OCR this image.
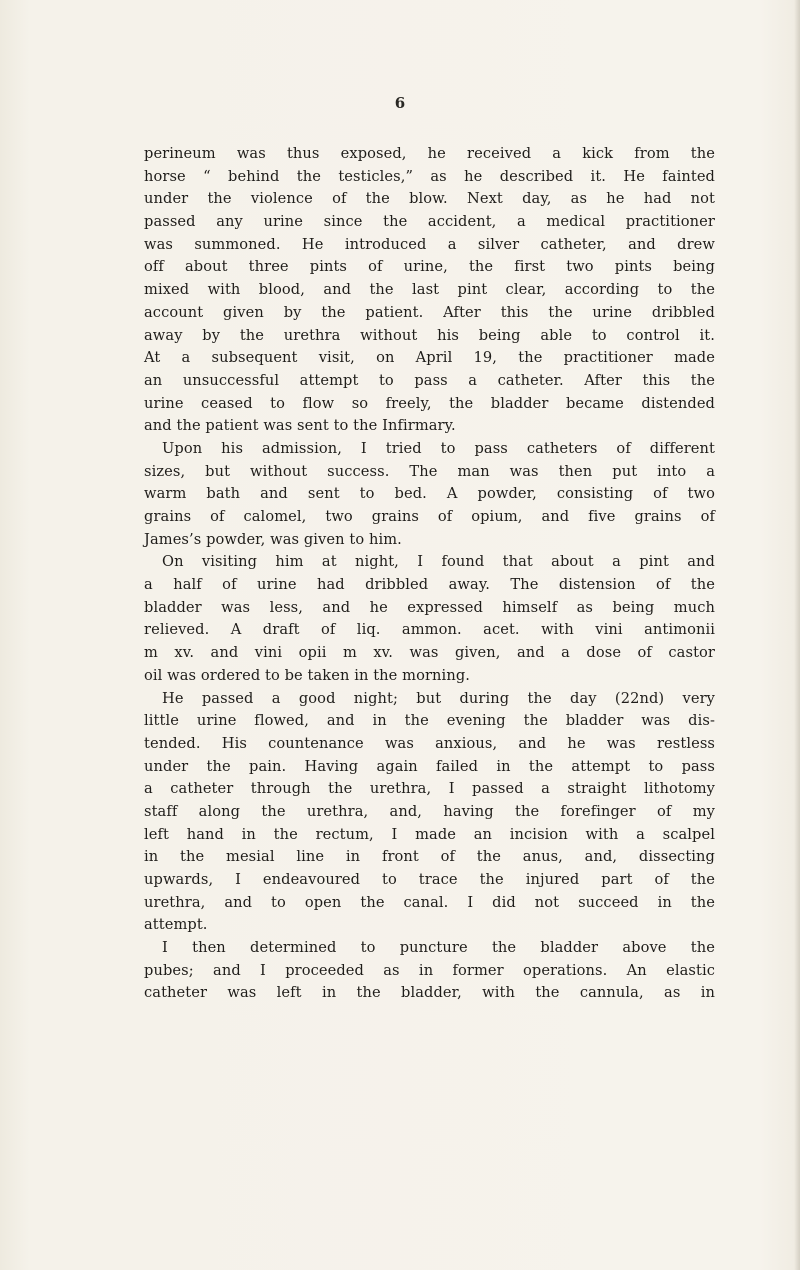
6
perineum was thus exposed, he received a kick from the
horse “ behind the testicles,” as he described it. He fainted
under the violence of the blow. Next day, as he had not
passed any urine since the accident, a medical practitioner
was summoned. He introduced a silver catheter, and drew
off about three pints of urine, the first two pints being
mixed with blood, and the last pint clear, according to the
account given by the patient. After this the urine dribbled
away by the urethra without his being able to control it.
At a subsequent visit, on April 19, the practitioner made
an unsuccessful attempt to pass a catheter. After this the
urine ceased to flow so freely, the bladder became distended
and the patient was sent to the Infirmary.
Upon his admission, I tried to pass catheters of different
sizes, but without success. The man was then put into a
warm bath and sent to bed. A powder, consisting of two
grains of calomel, two grains of opium, and five grains of
James’s powder, was given to him.
On visiting him at night, I found that about a pint and
a half of urine had dribbled away. The distension of the
bladder was less, and he expressed himself as being much
relieved. A draft of liq. ammon. acet. with vini antimonii
m xv. and vini opii m xv. was given, and a dose of castor
oil was ordered to be taken in the morning.
He passed a good night; but during the day (22nd) very
little urine flowed, and in the evening the bladder was dis-
tended. His countenance was anxious, and he was restless
under the pain. Having again failed in the attempt to pass
a catheter through the urethra, I passed a straight lithotomy
staff along the urethra, and, having the forefinger of my
left hand in the rectum, I made an incision with a scalpel
in the mesial line in front of the anus, and, dissecting
upwards, I endeavoured to trace the injured part of the
urethra, and to open the canal. I did not succeed in the
attempt.
I then determined to puncture the bladder above the
pubes; and I proceeded as in former operations. An elastic
catheter was left in the bladder, with the cannula, as in
